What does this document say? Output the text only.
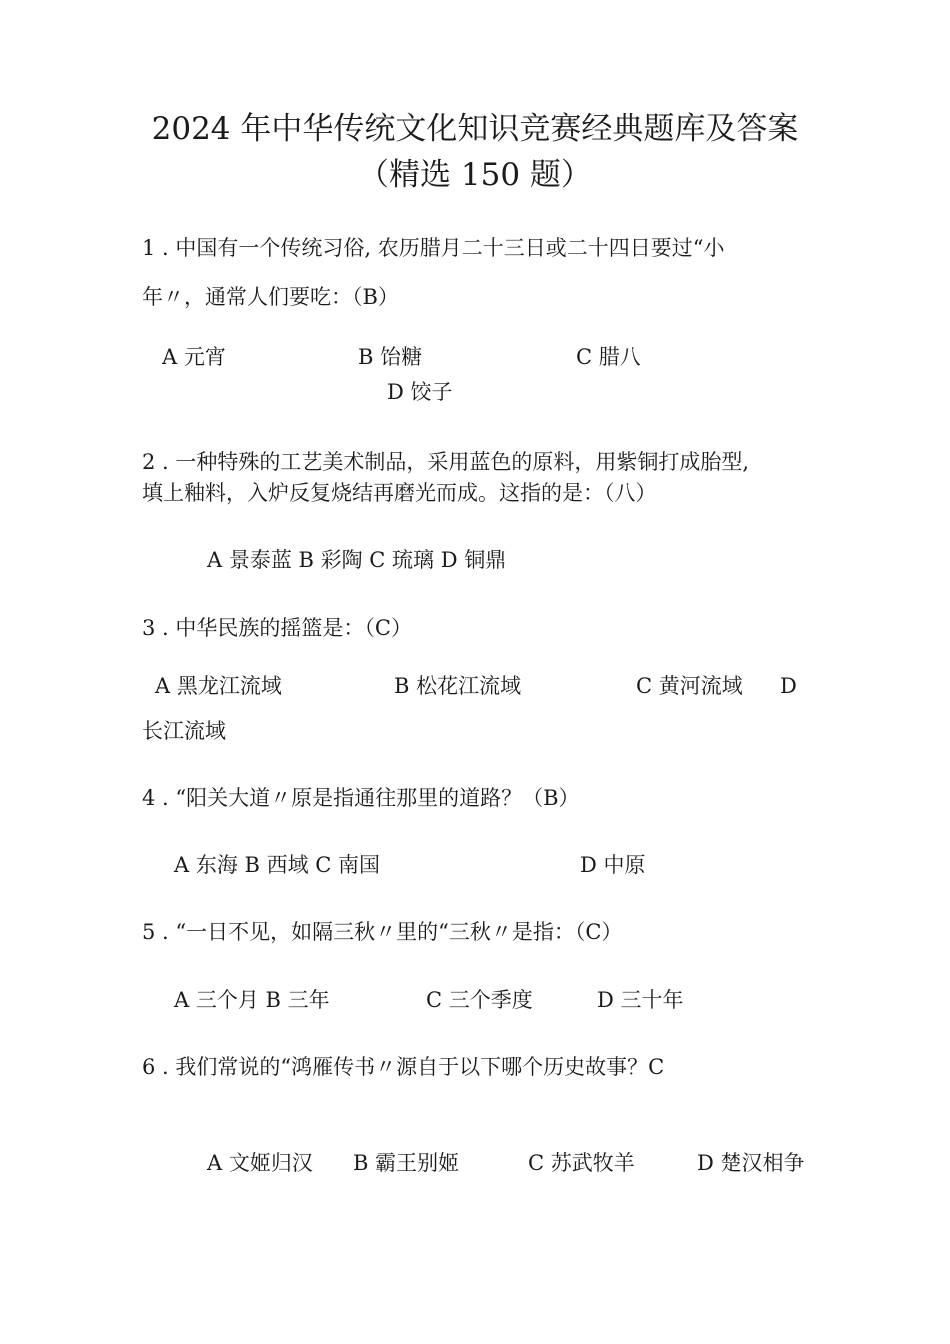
2024 年中华传统文化知识竞赛经典题库及答案
（精选 150 题）
1 . 中国有一个传统习俗, 农历腊月二十三日或二十四日要过“小
年〃，通常人们要吃：（B）
A 元宵	B 饴糖	C 腊八
D 饺子
2 . 一种特殊的工艺美术制品，采用蓝色的原料，用紫铜打成胎型,
填上釉料，入炉反复烧结再磨光而成。这指的是：（八）
A 景泰蓝 B 彩陶 C 琉璃 D 铜鼎
3 . 中华民族的摇篮是：（C）
A 黑龙江流域	B 松花江流域	C 黄河流域 D
长江流域
4 . “阳关大道〃原是指通往那里的道路？（B）
A 东海 B 西域 C 南国	D 中原
5 . “一日不见，如隔三秋〃里的“三秋〃是指：（C）
A 三个月 B 三年	C 三个季度	D 三十年
6 . 我们常说的“鸿雁传书〃源自于以下哪个历史故事？C
A 文姬归汉 B 霸王别姬	C 苏武牧羊	D 楚汉相争
